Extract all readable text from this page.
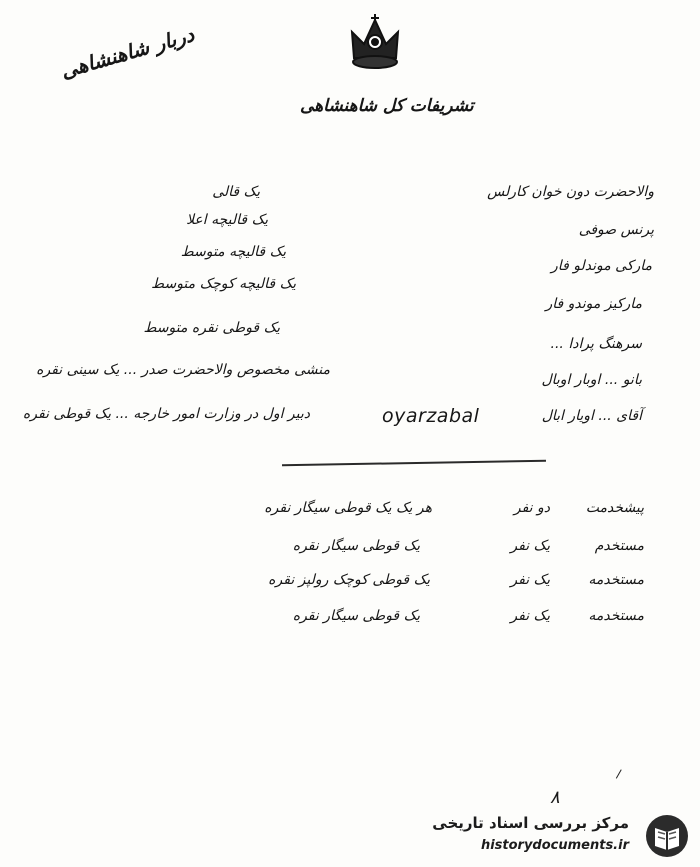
تشریفات کل شاهنشاهی
دربار شاهنشاهی
یک قالی
یک قالیچه اعلا
یک قالیچه متوسط
یک قالیچه کوچک متوسط
یک قوطی نقره متوسط
منشی مخصوص والاحضرت صدر ... یک سینی نقره
دبیر اول در وزارت امور خارجه ... یک قوطی نقره
والاحضرت دون خوان کارلس
پرنس صوفی
مارکی موندلو فار
مارکیز موندو فار
سرهنگ پرادا ...
بانو ... اوبار اوبال
آقای ... اویار ابال
oyarzabal
پیشخدمت
دو نفر
هر یک یک قوطی سیگار نقره
مستخدم
یک نفر
یک قوطی سیگار نقره
مستخدمه
یک نفر
یک قوطی کوچک رولپز نقره
مستخدمه
یک نفر
یک قوطی سیگار نقره
۸
مرکز بررسی اسناد تاریخی
historydocuments.ir
